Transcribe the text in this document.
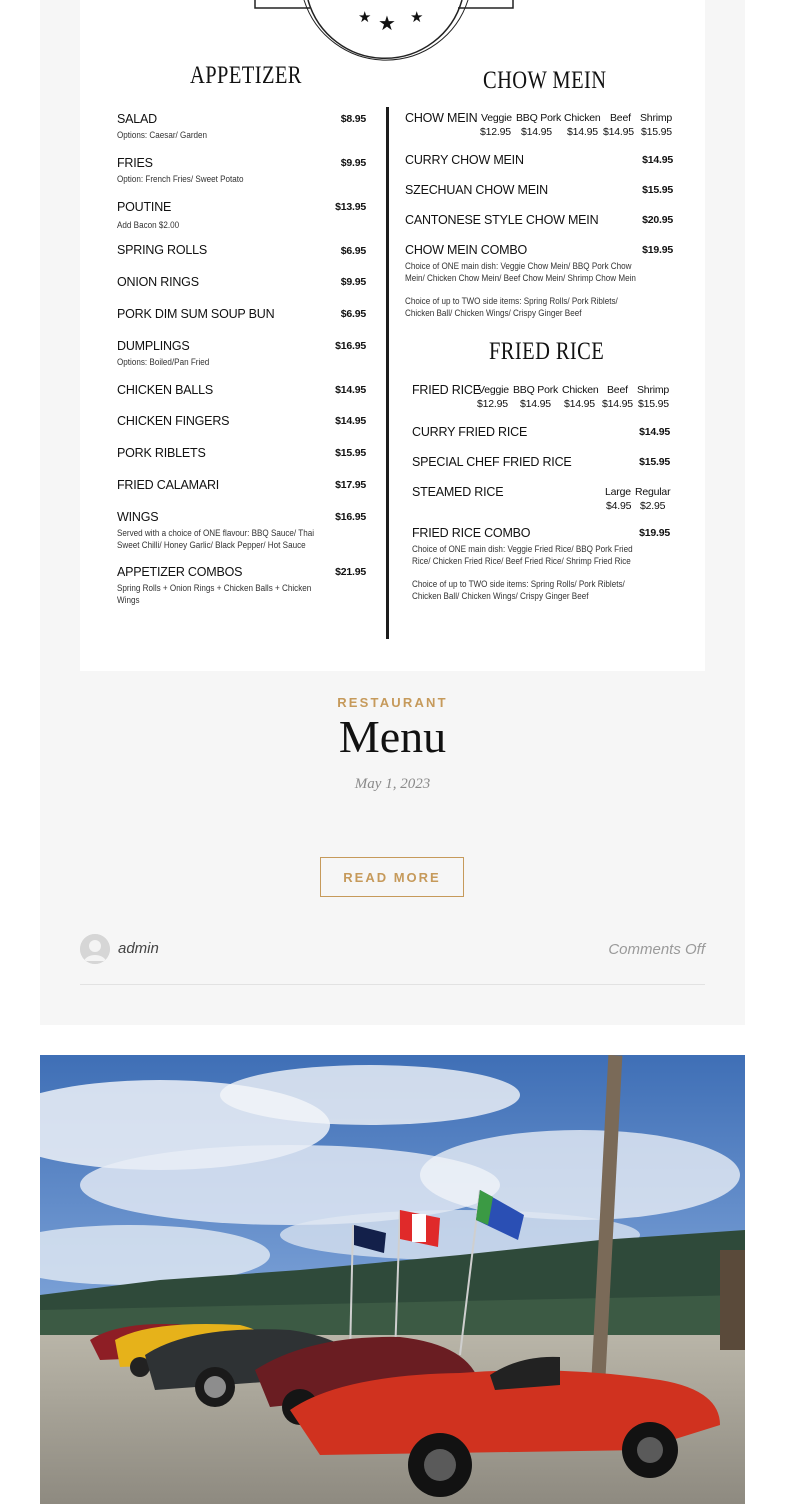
★ ★ ★
APPETIZER	CHOW MEIN
SALAD	$8.95
Options: Caesar/ Garden
FRIES	$9.95
Option: French Fries/ Sweet Potato
POUTINE	$13.95
Add Bacon $2.00
SPRING ROLLS	$6.95
ONION RINGS	$9.95
PORK DIM SUM SOUP BUN	$6.95
DUMPLINGS	$16.95
Options: Boiled/Pan Fried
CHICKEN BALLS	$14.95
CHICKEN FINGERS	$14.95
PORK RIBLETS	$15.95
FRIED CALAMARI	$17.95
WINGS	$16.95
Served with a choice of ONE flavour: BBQ Sauce/ Thai Sweet Chilli/ Honey Garlic/ Black Pepper/ Hot Sauce
APPETIZER COMBOS	$21.95
Spring Rolls + Onion Rings + Chicken Balls + Chicken Wings
CHOW MEIN Veggie BBQ Pork Chicken Beef Shrimp
$12.95 $14.95 $14.95 $14.95 $15.95
CURRY CHOW MEIN	$14.95
SZECHUAN CHOW MEIN	$15.95
CANTONESE STYLE CHOW MEIN	$20.95
CHOW MEIN COMBO	$19.95
Choice of ONE main dish: Veggie Chow Mein/ BBQ Pork Chow Mein/ Chicken Chow Mein/ Beef Chow Mein/ Shrimp Chow Mein
Choice of up to TWO side items: Spring Rolls/ Pork Riblets/ Chicken Ball/ Chicken Wings/ Crispy Ginger Beef
FRIED RICE
FRIED RICE
Veggie BBQ Pork Chicken Beef Shrimp
$12.95 $14.95 $14.95 $14.95 $15.95
CURRY FRIED RICE	$14.95
SPECIAL CHEF FRIED RICE	$15.95
STEAMED RICE	Large Regular
$4.95 $2.95
FRIED RICE COMBO	$19.95
Choice of ONE main dish: Veggie Fried Rice/ BBQ Pork Fried Rice/ Chicken Fried Rice/ Beef Fried Rice/ Shrimp Fried Rice
Choice of up to TWO side items: Spring Rolls/ Pork Riblets/ Chicken Ball/ Chicken Wings/ Crispy Ginger Beef
RESTAURANT
Menu
May 1, 2023
READ MORE
admin	Comments Off
